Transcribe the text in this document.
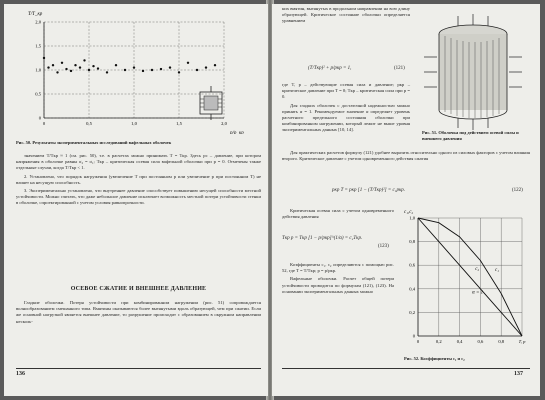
2,0
1,5
1,0
0,5
0
0	0,5	1,0	1,5	2,0
T/T_кр
p/p_кр
Рис. 50. Результаты экспериментальных исследований вафельных оболочек

значением T/Tкр ≈ 1 (см. рис. 50), т.е. в расчетах можно принимать T = Tкр. Здесь pс – давление, при котором напряжения в оболочке равны σ₂ = σ₁; Tкр – критическая осевая сила вафельной оболочки при p = 0. Отмечены также отдельные случаи, когда T/Tкр < 1.

2. Установлено, что порядок нагружения (увеличение T при постоянном p или увеличение p при постоянном T) не влияет на несущую способность.

3. Экспериментально установлено, что внутреннее давление способствует повышению несущей способности местной устойчивости. Можно считать, что даже небольшое давление исключает возможность местной потери устойчивости стенки в оболочке, спроектированной с учетом условия равнопрочности.

ОСЕВОЕ СЖАТИЕ И ВНЕШНЕЕ ДАВЛЕНИЕ

Гладкие оболочки. Потеря устойчивости при комбинированном нагружении (рис. 51) сопровождается волнообразованием смешанного типа. Вмятины оказываются более вытянутыми вдоль образующей, чем при сжатии. Если же основной нагрузкой является внешнее давление, то разрушение происходит с образованием в окружном направлении несколь-

136

ких вмятин, вытянутых в продольном направлении на всю длину образующей. Критическое состояние оболочки определяется уравнением

(T/Tкр)² + p/pкр = 1,	(121)

где T, p – действующие осевая сила и давление; pкр – критическое давление при T = 0; Tкр – критическая сила при p = 0.

Для гладких оболочек с достаточной надежностью можно принять α = 1. Рекомендуемое значение α определяет уровень расчетного предельного состояния оболочки при комбинированном нагружении, который лежит не выше уровня экспериментальных данных [10, 14].

Рис. 51. Оболочка под действием осевой силы и внешнего давления

Для практических расчетов формулу (121) удобнее выразить относительно одного из силовых факторов с учетом влияния второго. Критическое давление с учетом одновременного действия сжатия

pкр T = pкр [1 − (T/Tкр)²] = c₁pкр.	(122)

Критическая осевая сила с учетом одновременного действия давления

Tкр p = Tкр [1 − p/pкр]^(1/α) = c₂Tкр.
(123)

Коэффициенты c₁, c₂ определяются с помощью рис. 52, где T = T/Tкр; p = p/pкр.

Вафельные оболочки. Расчет общей потери устойчивости проводится по формулам (121), (123). На основании экспериментальных данных можно

c₁,c₂
1,0
0,8
0,6
0,4
0,2
0
0	0,2	0,4	0,6	0,8	T, p
c₁
c₂
α = 1
Рис. 52. Коэффициенты c₁ и c₂
137
